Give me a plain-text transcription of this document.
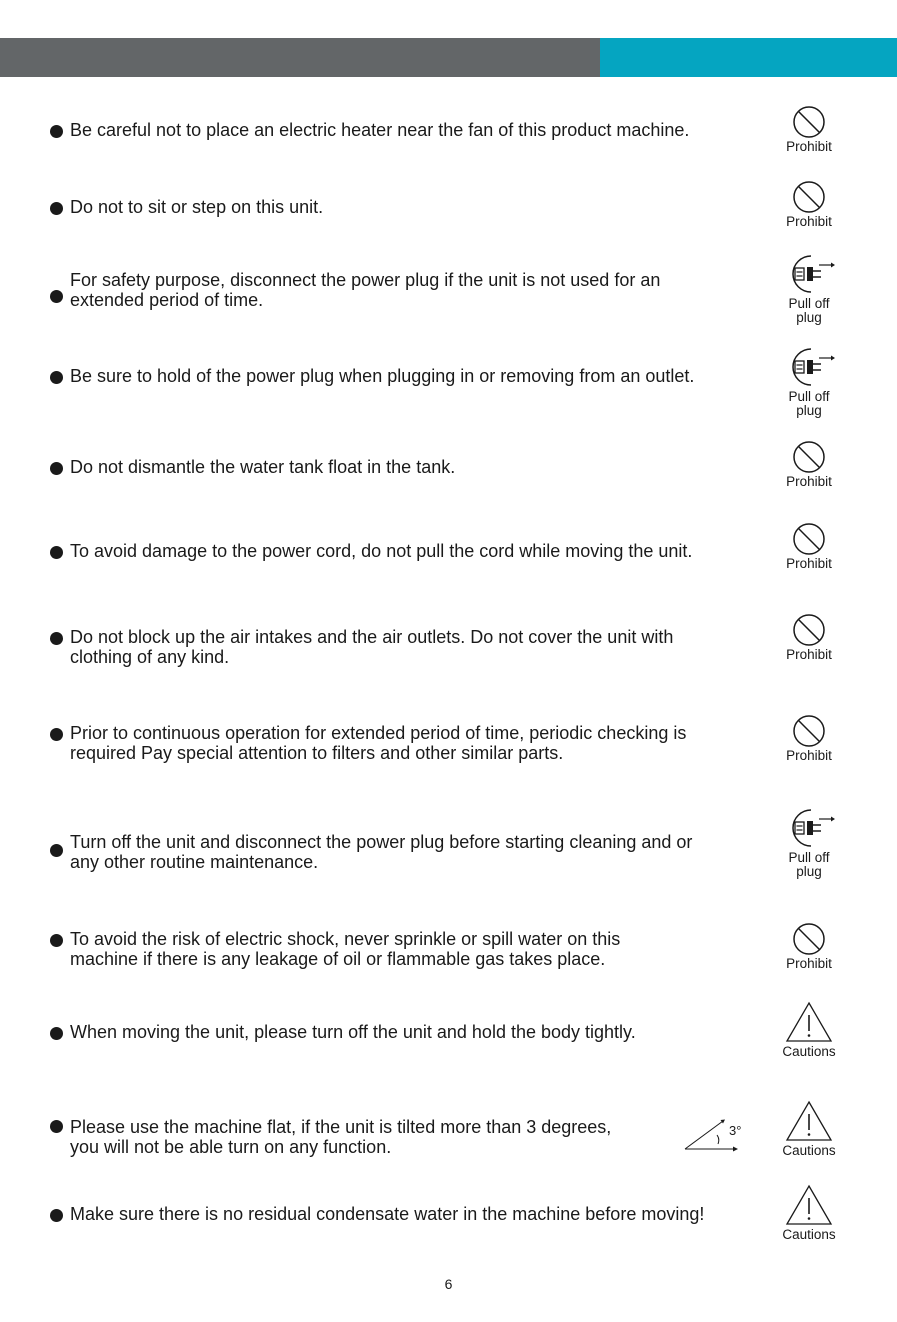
Be careful not to place an electric heater near the fan of this product machine.
Prohibit
Do not to sit or step on this unit.
Prohibit
For safety purpose, disconnect the power plug if the unit is not used for an
extended period of time.	Pull off
plug
Be sure to hold of the power plug when plugging in or removing from an outlet.
Pull off
plug
Do not dismantle the water tank float in the tank.
Prohibit
To avoid damage to the power cord, do not pull the cord while moving the unit.
Prohibit
Do not block up the air intakes and the air outlets. Do not cover the unit with
clothing of any kind.	Prohibit
Prior to continuous operation for extended period of time, periodic checking is
required Pay special attention to filters and other similar parts.	Prohibit
Turn off the unit and disconnect the power plug before starting cleaning and or
any other routine maintenance.	Pull off
plug
To avoid the risk of electric shock, never sprinkle or spill water on this
machine if there is any leakage of oil or flammable gas takes place.	Prohibit
When moving the unit, please turn off the unit and hold the body tightly.
Cautions
Please use the machine flat, if the unit is tilted more than 3 degrees,
you will not be able turn on any function.	Cautions
3°
Make sure there is no residual condensate water in the machine before moving!
Cautions
6
